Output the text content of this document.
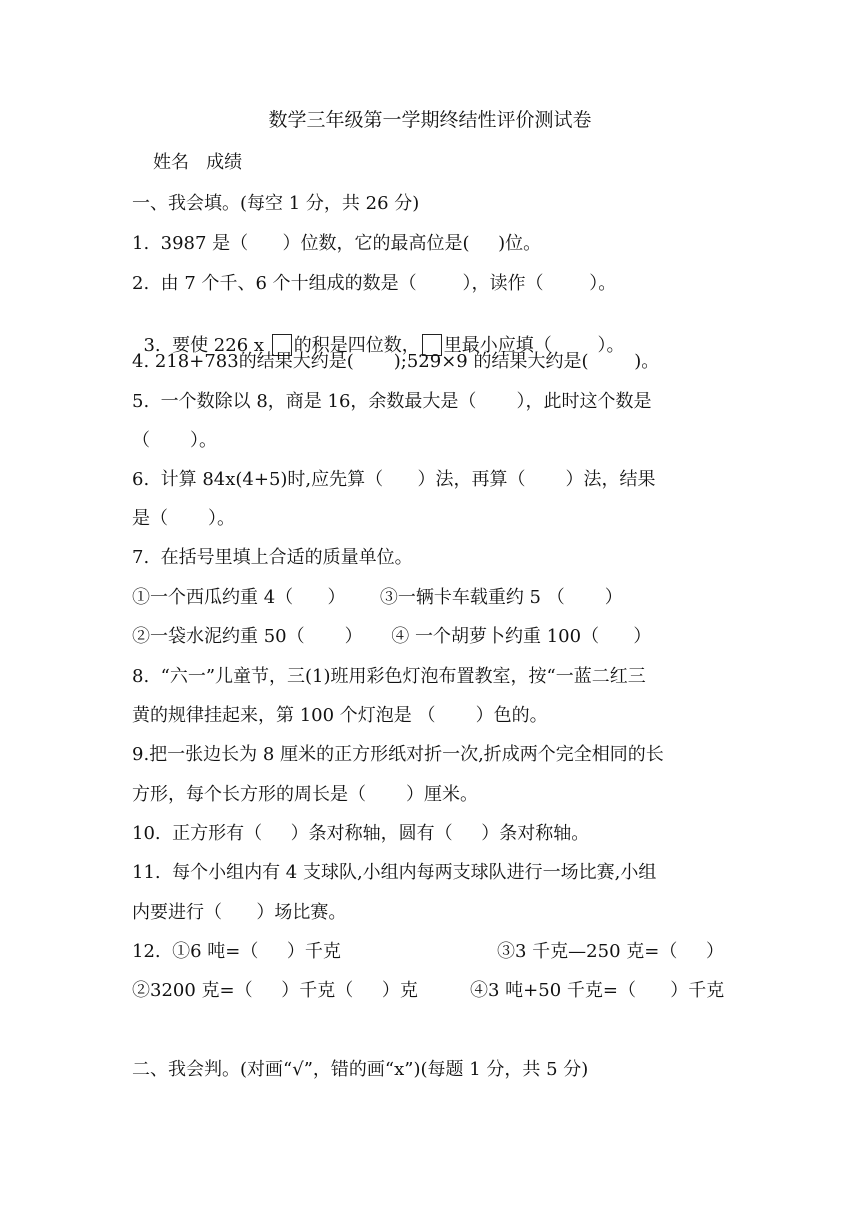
数学三年级第一学期终结性评价测试卷
姓名   成绩
一、我会填。(每空 1 分，共 26 分)
1.  3987 是（      ）位数，它的最高位是(     )位。
2.  由 7 个千、6 个十组成的数是（        ），读作（        ）。

3.  要使 226 x 的积是四位数， 里最小应填（        ）。

4. 218+783的结果大约是(       );529×9 的结果大约是(        )。
5.  一个数除以 8，商是 16，余数最大是（       ），此时这个数是
（       ）。
6.  计算 84x(4+5)时,应先算（      ）法，再算（       ）法，结果
是（       ）。
7.  在括号里填上合适的质量单位。
①一个西瓜约重 4（      ）      ③一辆卡车载重约 5 （       ）
②一袋水泥约重 50（       ）     ④ 一个胡萝卜约重 100（      ）
8.  “六一”儿童节，三(1)班用彩色灯泡布置教室，按“一蓝二红三
黄的规律挂起来，第 100 个灯泡是 （       ）色的。
9.把一张边长为 8 厘米的正方形纸对折一次,折成两个完全相同的长
方形，每个长方形的周长是（       ）厘米。
10.  正方形有（     ）条对称轴，圆有（     ）条对称轴。
11.  每个小组内有 4 支球队,小组内每两支球队进行一场比赛,小组
内要进行（      ）场比赛。
12.  ①6 吨=（     ）千克	③3 千克—250 克=（     ）
②3200 克=（     ）千克（     ）克	④3 吨+50 千克=（      ）千克
二、我会判。(对画“√”，错的画“x”)(每题 1 分，共 5 分)
